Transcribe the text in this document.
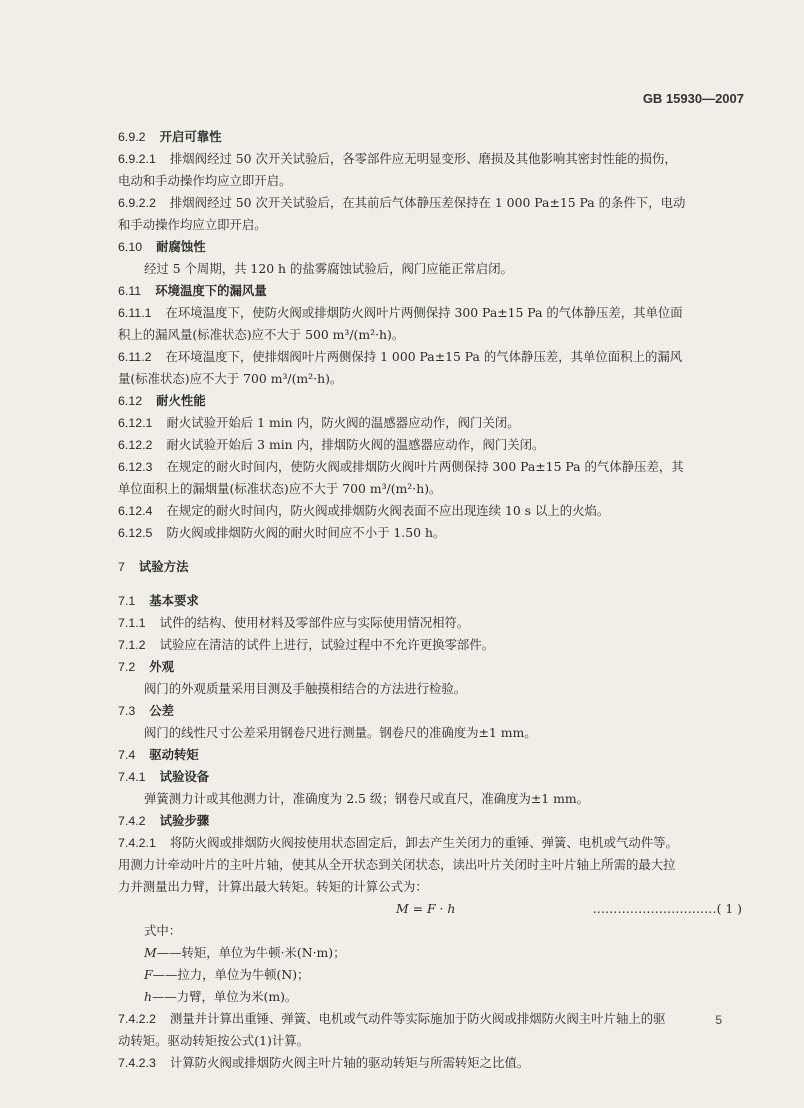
GB 15930—2007
6.9.2 开启可靠性
6.9.2.1 排烟阀经过 50 次开关试验后，各零部件应无明显变形、磨损及其他影响其密封性能的损伤，
电动和手动操作均应立即开启。
6.9.2.2 排烟阀经过 50 次开关试验后，在其前后气体静压差保持在 1 000 Pa±15 Pa 的条件下，电动
和手动操作均应立即开启。
6.10 耐腐蚀性
经过 5 个周期，共 120 h 的盐雾腐蚀试验后，阀门应能正常启闭。
6.11 环境温度下的漏风量
6.11.1 在环境温度下，使防火阀或排烟防火阀叶片两侧保持 300 Pa±15 Pa 的气体静压差，其单位面
积上的漏风量(标准状态)应不大于 500 m³/(m²·h)。
6.11.2 在环境温度下，使排烟阀叶片两侧保持 1 000 Pa±15 Pa 的气体静压差，其单位面积上的漏风
量(标准状态)应不大于 700 m³/(m²·h)。
6.12 耐火性能
6.12.1 耐火试验开始后 1 min 内，防火阀的温感器应动作，阀门关闭。
6.12.2 耐火试验开始后 3 min 内，排烟防火阀的温感器应动作，阀门关闭。
6.12.3 在规定的耐火时间内，使防火阀或排烟防火阀叶片两侧保持 300 Pa±15 Pa 的气体静压差，其
单位面积上的漏烟量(标准状态)应不大于 700 m³/(m²·h)。
6.12.4 在规定的耐火时间内，防火阀或排烟防火阀表面不应出现连续 10 s 以上的火焰。
6.12.5 防火阀或排烟防火阀的耐火时间应不小于 1.50 h。
7 试验方法
7.1 基本要求
7.1.1 试件的结构、使用材料及零部件应与实际使用情况相符。
7.1.2 试验应在清洁的试件上进行，试验过程中不允许更换零部件。
7.2 外观
阀门的外观质量采用目测及手触摸相结合的方法进行检验。
7.3 公差
阀门的线性尺寸公差采用钢卷尺进行测量。钢卷尺的准确度为±1 mm。
7.4 驱动转矩
7.4.1 试验设备
弹簧测力计或其他测力计，准确度为 2.5 级；钢卷尺或直尺，准确度为±1 mm。
7.4.2 试验步骤
7.4.2.1 将防火阀或排烟防火阀按使用状态固定后，卸去产生关闭力的重锤、弹簧、电机或气动件等。
用测力计牵动叶片的主叶片轴，使其从全开状态到关闭状态，读出叶片关闭时主叶片轴上所需的最大拉
力并测量出力臂，计算出最大转矩。转矩的计算公式为：
M = F · h	…………………………( 1 )
式中：
M——转矩，单位为牛顿·米(N·m)；
F——拉力，单位为牛顿(N)；
h——力臂，单位为米(m)。
7.4.2.2 测量并计算出重锤、弹簧、电机或气动件等实际施加于防火阀或排烟防火阀主叶片轴上的驱
动转矩。驱动转矩按公式(1)计算。
7.4.2.3 计算防火阀或排烟防火阀主叶片轴的驱动转矩与所需转矩之比值。
5
